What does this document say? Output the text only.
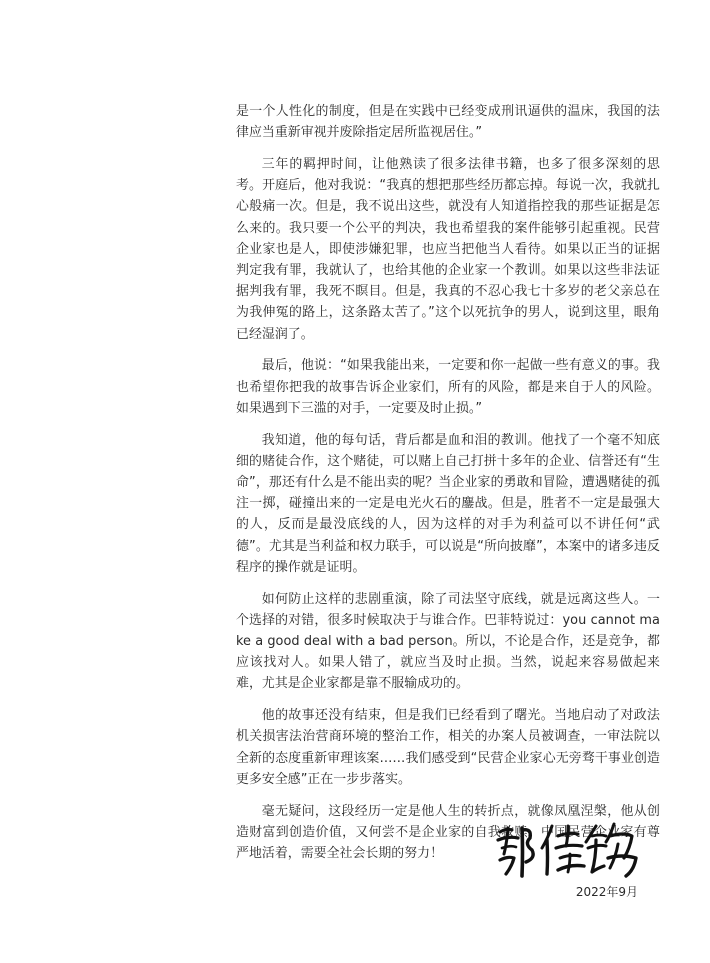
是一个人性化的制度，但是在实践中已经变成刑讯逼供的温床，我国的法律应当重新审视并废除指定居所监视居住。”

三年的羁押时间，让他熟读了很多法律书籍，也多了很多深刻的思考。开庭后，他对我说：“我真的想把那些经历都忘掉。每说一次，我就扎心般痛一次。但是，我不说出这些，就没有人知道指控我的那些证据是怎么来的。我只要一个公平的判决，我也希望我的案件能够引起重视。民营企业家也是人，即使涉嫌犯罪，也应当把他当人看待。如果以正当的证据判定我有罪，我就认了，也给其他的企业家一个教训。如果以这些非法证据判我有罪，我死不瞑目。但是，我真的不忍心我七十多岁的老父亲总在为我伸冤的路上，这条路太苦了。”这个以死抗争的男人，说到这里，眼角已经湿润了。

最后，他说：“如果我能出来，一定要和你一起做一些有意义的事。我也希望你把我的故事告诉企业家们，所有的风险，都是来自于人的风险。如果遇到下三滥的对手，一定要及时止损。”

我知道，他的每句话，背后都是血和泪的教训。他找了一个毫不知底细的赌徒合作，这个赌徒，可以赌上自己打拼十多年的企业、信誉还有“生命”，那还有什么是不能出卖的呢？当企业家的勇敢和冒险，遭遇赌徒的孤注一掷，碰撞出来的一定是电光火石的鏖战。但是，胜者不一定是最强大的人，反而是最没底线的人，因为这样的对手为利益可以不讲任何“武德”。尤其是当利益和权力联手，可以说是“所向披靡”，本案中的诸多违反程序的操作就是证明。

如何防止这样的悲剧重演，除了司法坚守底线，就是远离这些人。一个选择的对错，很多时候取决于与谁合作。巴菲特说过：you cannot make a good deal with a bad person。所以，不论是合作，还是竞争，都应该找对人。如果人错了，就应当及时止损。当然，说起来容易做起来难，尤其是企业家都是靠不服输成功的。

他的故事还没有结束，但是我们已经看到了曙光。当地启动了对政法机关损害法治营商环境的整治工作，相关的办案人员被调查，一审法院以全新的态度重新审理该案……我们感受到“民营企业家心无旁骛干事业创造更多安全感”正在一步步落实。

毫无疑问，这段经历一定是他人生的转折点，就像凤凰涅槃，他从创造财富到创造价值，又何尝不是企业家的自我救赎。中国民营企业家有尊严地活着，需要全社会长期的努力！

2022年9月
